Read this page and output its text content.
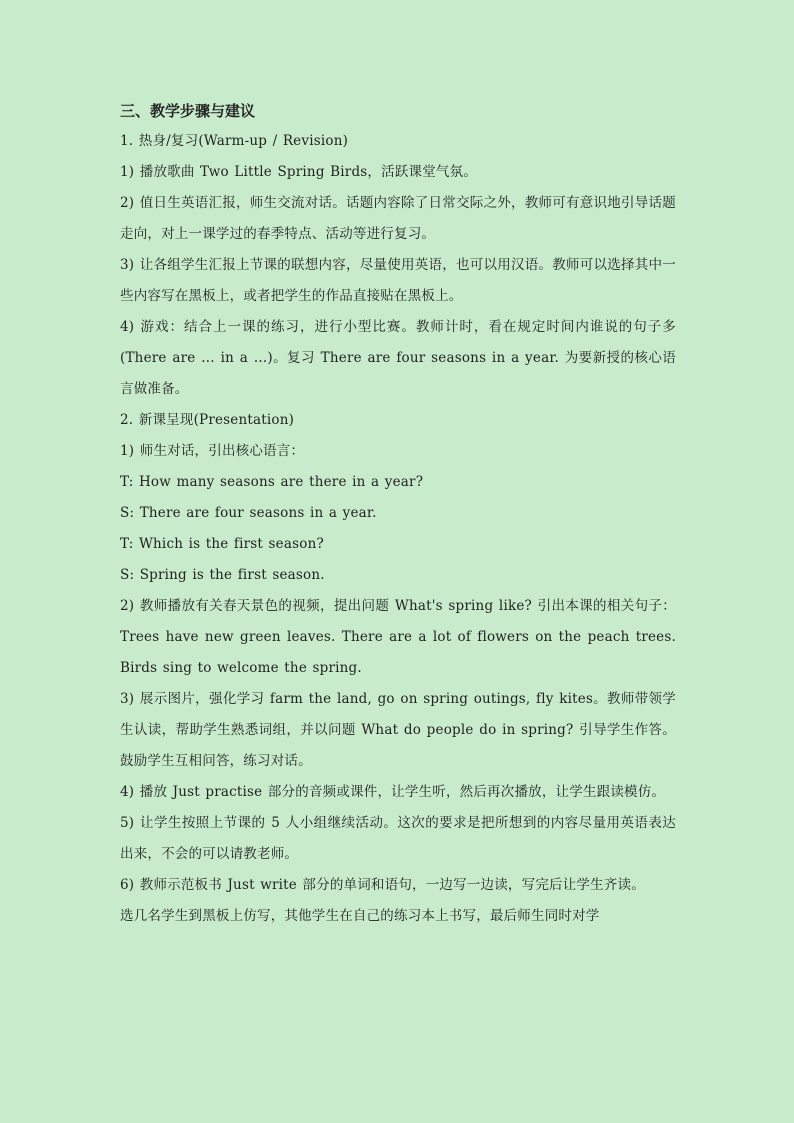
三、教学步骤与建议

1. 热身/复习(Warm-up / Revision)

1) 播放歌曲 Two Little Spring Birds，活跃课堂气氛。

2) 值日生英语汇报，师生交流对话。话题内容除了日常交际之外，教师可有意识地引导话题走向，对上一课学过的春季特点、活动等进行复习。

3) 让各组学生汇报上节课的联想内容，尽量使用英语，也可以用汉语。教师可以选择其中一些内容写在黑板上，或者把学生的作品直接贴在黑板上。

4) 游戏：结合上一课的练习，进行小型比赛。教师计时，看在规定时间内谁说的句子多(There are … in a …)。复习 There are four seasons in a year. 为要新授的核心语言做准备。

2. 新课呈现(Presentation)

1) 师生对话，引出核心语言：

T: How many seasons are there in a year?

S: There are four seasons in a year.

T: Which is the first season?

S: Spring is the first season.

2) 教师播放有关春天景色的视频，提出问题 What's spring like? 引出本课的相关句子：Trees have new green leaves. There are a lot of flowers on the peach trees. Birds sing to welcome the spring.

3) 展示图片，强化学习 farm the land, go on spring outings, fly kites。教师带领学生认读，帮助学生熟悉词组，并以问题 What do people do in spring? 引导学生作答。鼓励学生互相问答，练习对话。

4) 播放 Just practise 部分的音频或课件，让学生听，然后再次播放，让学生跟读模仿。

5) 让学生按照上节课的 5 人小组继续活动。这次的要求是把所想到的内容尽量用英语表达出来，不会的可以请教老师。

6) 教师示范板书 Just write 部分的单词和语句，一边写一边读，写完后让学生齐读。

选几名学生到黑板上仿写，其他学生在自己的练习本上书写，最后师生同时对学
